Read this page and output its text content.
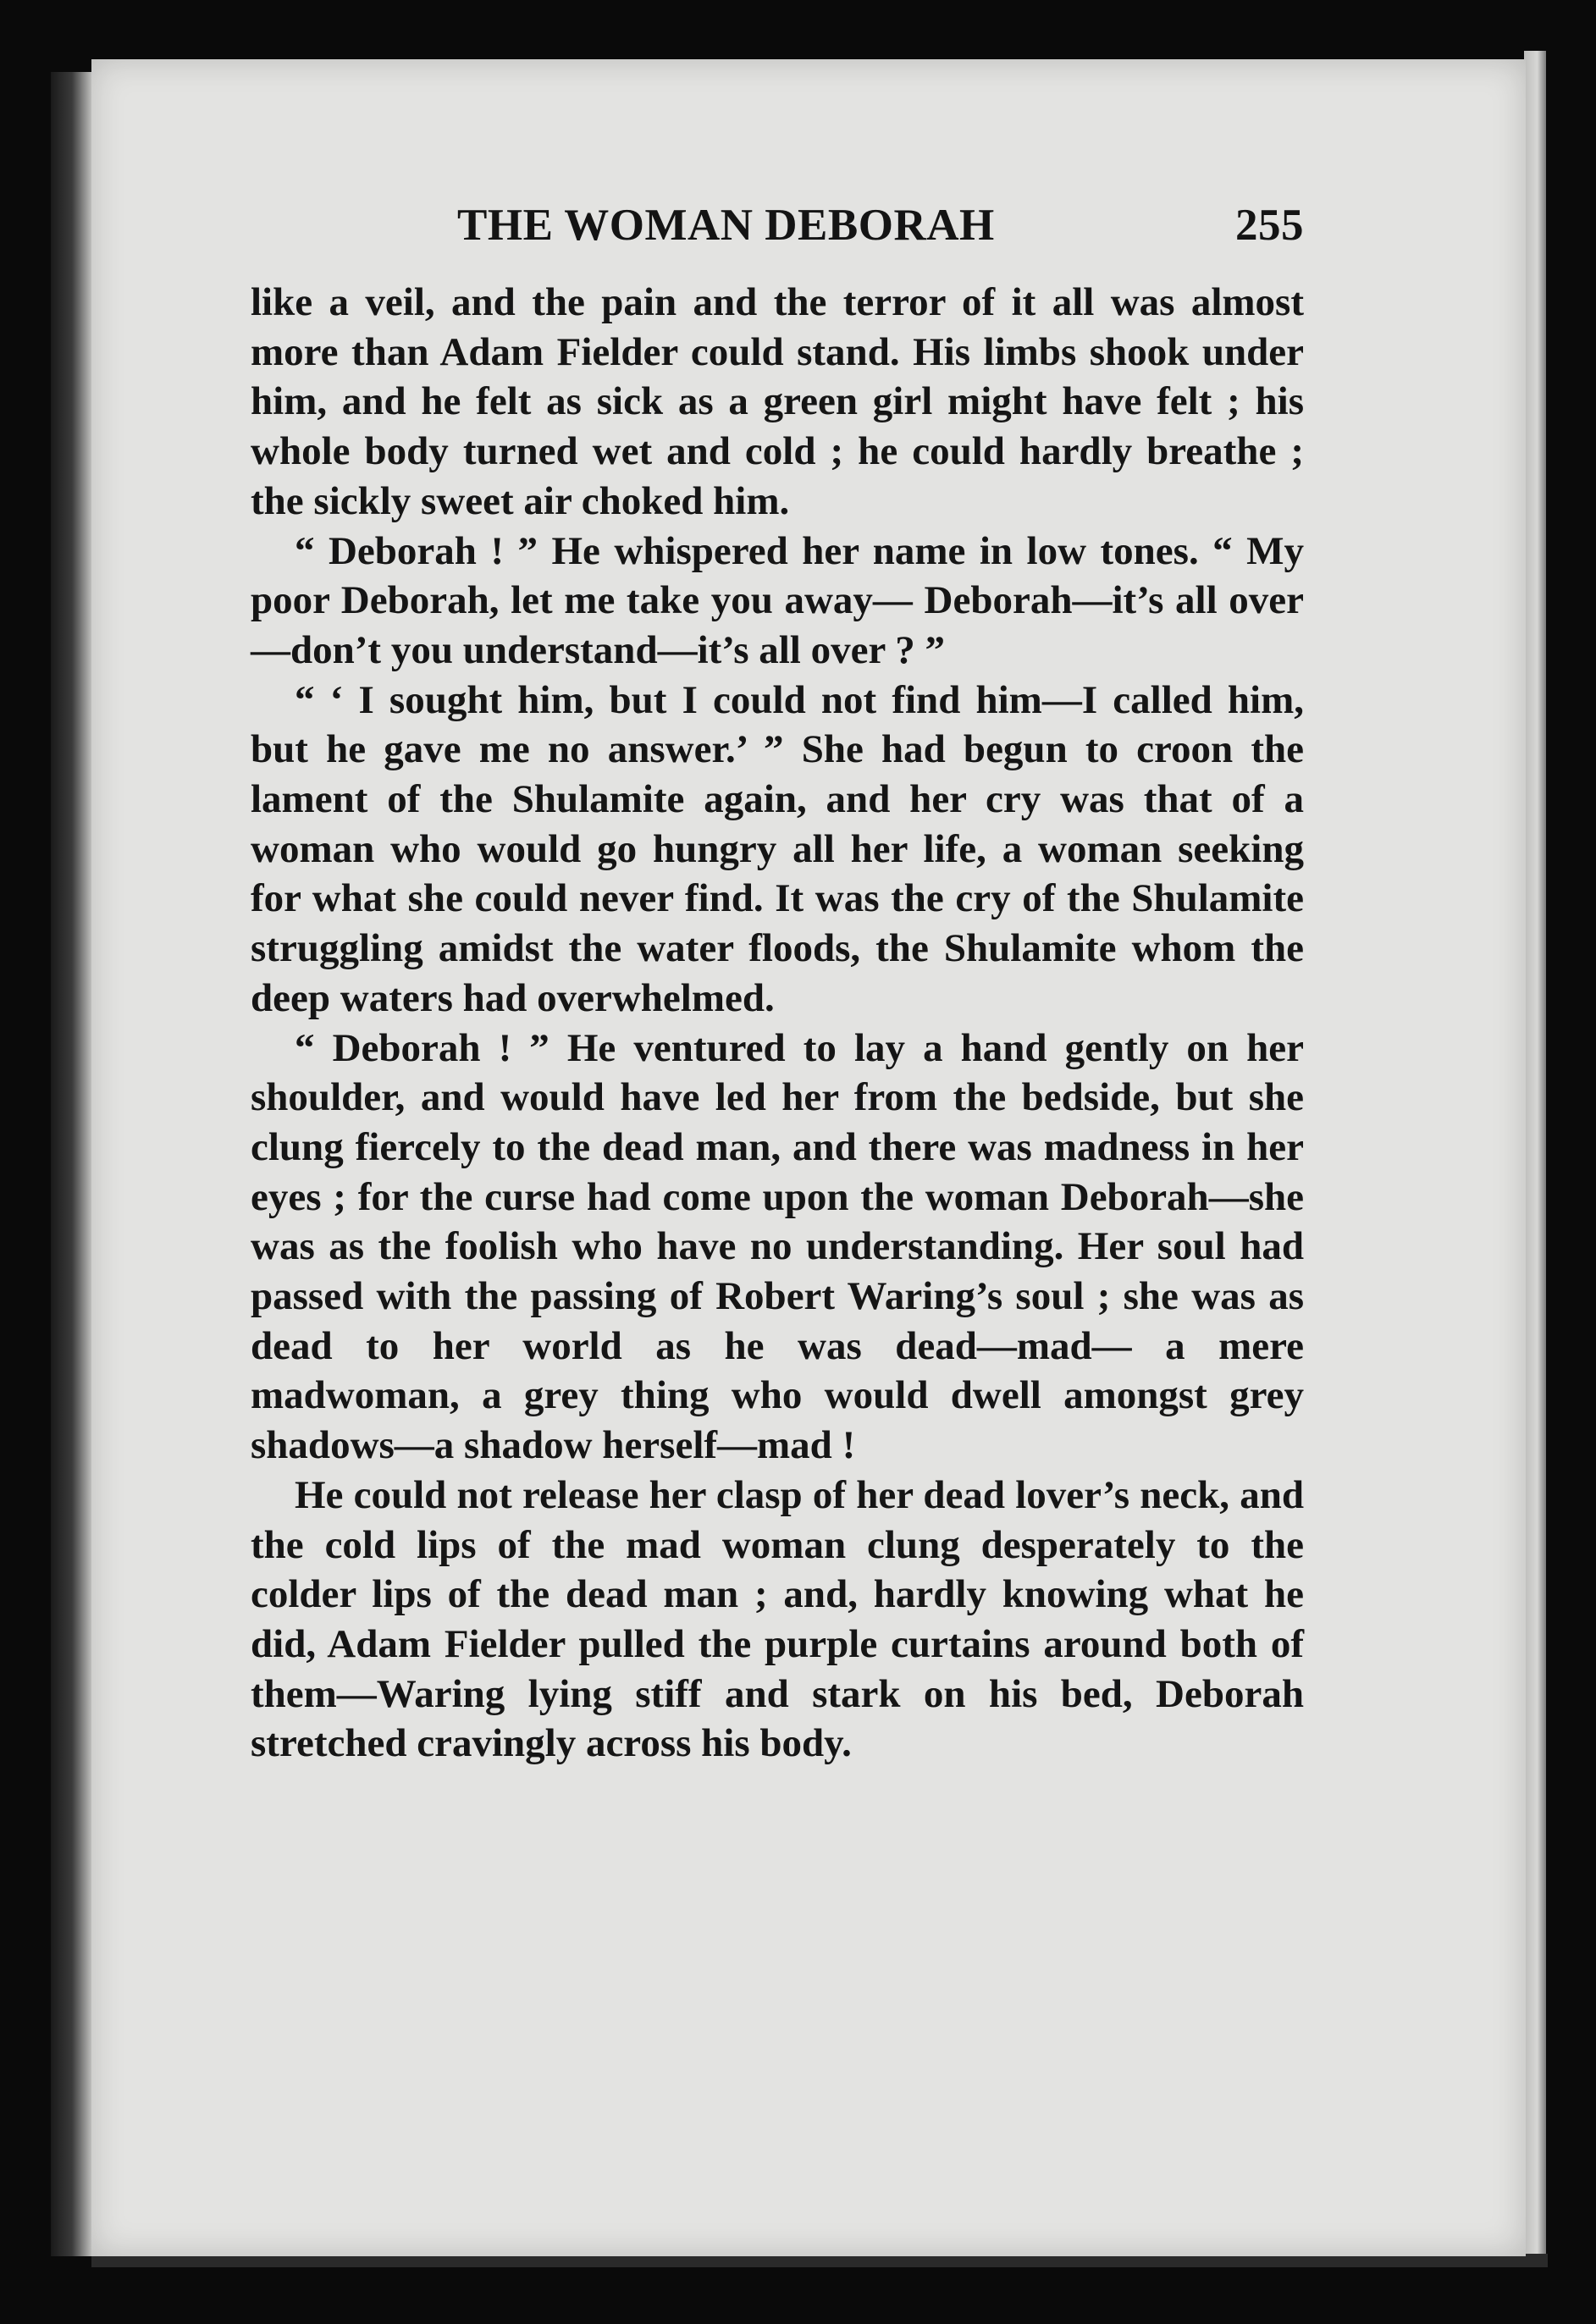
THE WOMAN DEBORAH	255

like a veil, and the pain and the terror of it all was almost more than Adam Fielder could stand. His limbs shook under him, and he felt as sick as a green girl might have felt ; his whole body turned wet and cold ; he could hardly breathe ; the sickly sweet air choked him.

“ Deborah ! ” He whispered her name in low tones. “ My poor Deborah, let me take you away— Deborah—it’s all over—don’t you understand—it’s all over ? ”

“ ‘ I sought him, but I could not find him—I called him, but he gave me no answer.’ ” She had begun to croon the lament of the Shulamite again, and her cry was that of a woman who would go hungry all her life, a woman seeking for what she could never find. It was the cry of the Shulamite struggling amidst the water floods, the Shulamite whom the deep waters had overwhelmed.

“ Deborah ! ” He ventured to lay a hand gently on her shoulder, and would have led her from the bedside, but she clung fiercely to the dead man, and there was madness in her eyes ; for the curse had come upon the woman Deborah—she was as the foolish who have no understanding. Her soul had passed with the passing of Robert Waring’s soul ; she was as dead to her world as he was dead—mad— a mere madwoman, a grey thing who would dwell amongst grey shadows—a shadow herself—mad !

He could not release her clasp of her dead lover’s neck, and the cold lips of the mad woman clung desperately to the colder lips of the dead man ; and, hardly knowing what he did, Adam Fielder pulled the purple curtains around both of them—Waring lying stiff and stark on his bed, Deborah stretched cravingly across his body.
